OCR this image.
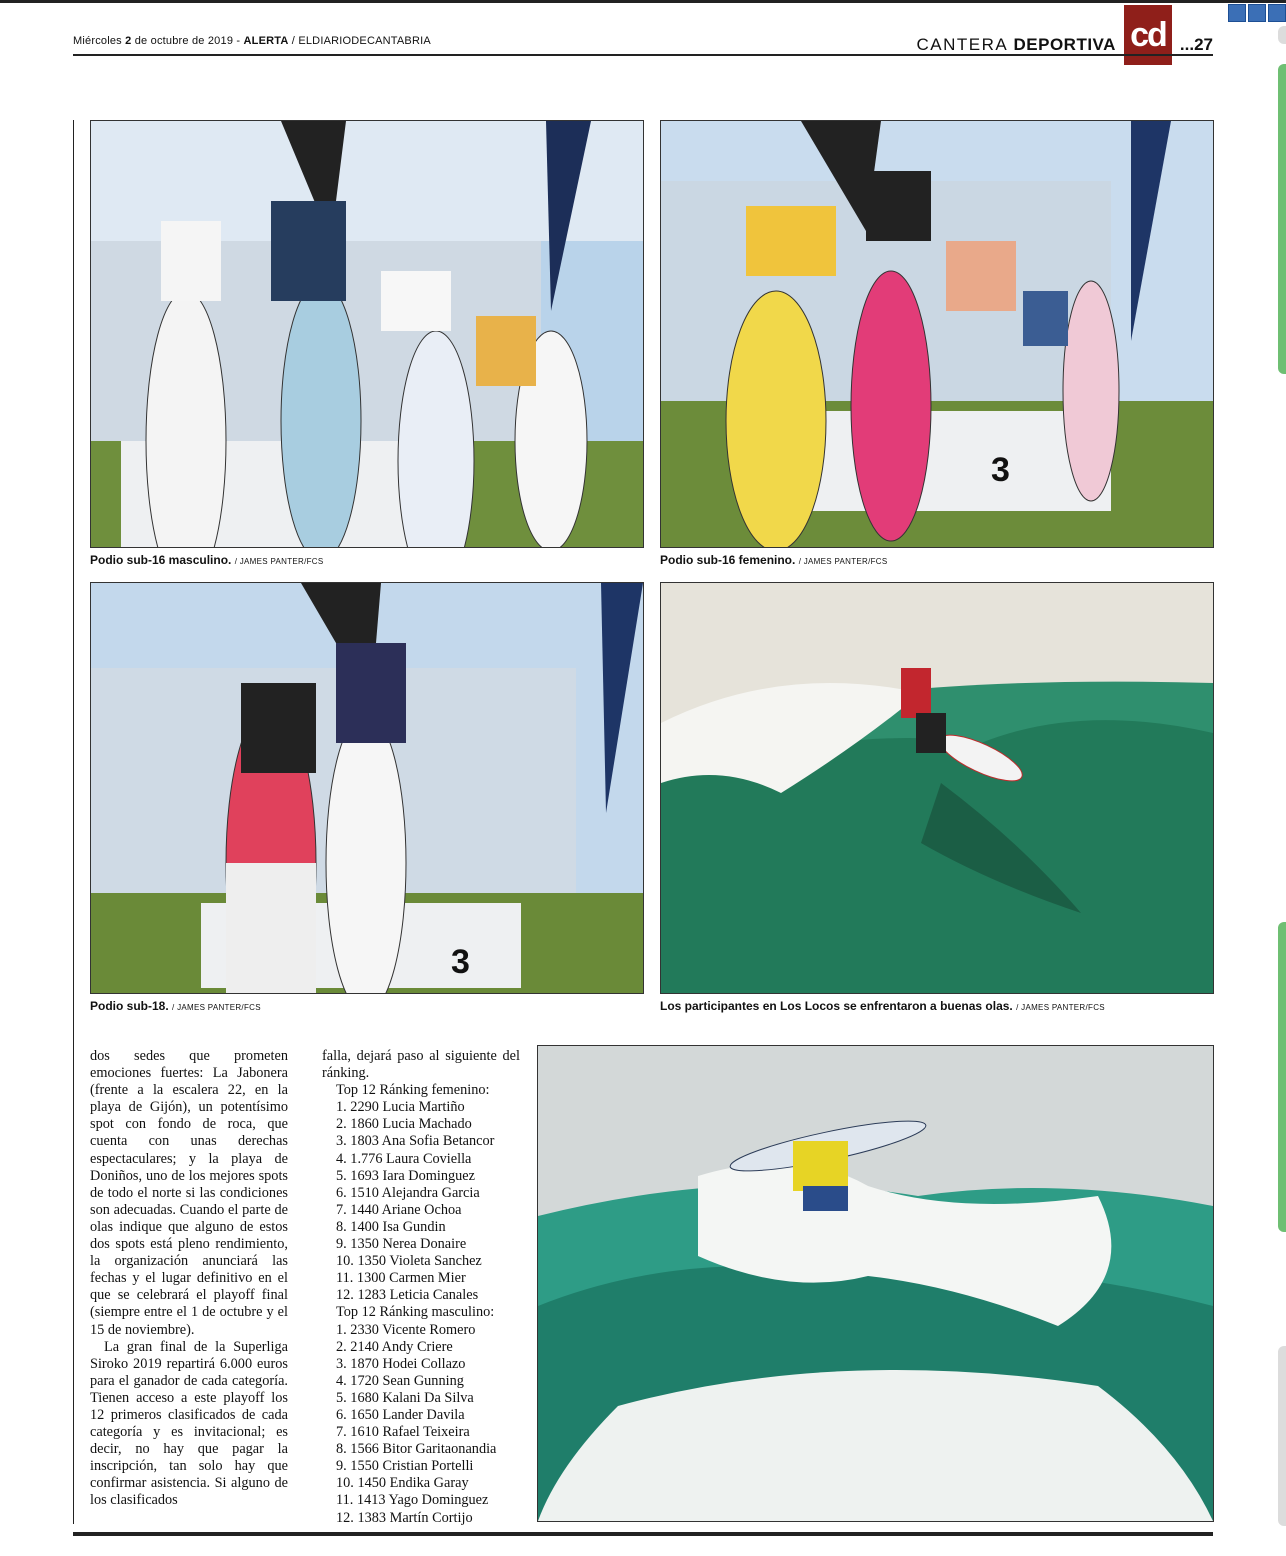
Miércoles 2 de octubre de 2019 - ALERTA / ELDIARIODECANTABRIA	CANTERA DEPORTIVA cd ...27
Podio sub-16 masculino. / JAMES PANTER/FCS
3
Podio sub-16 femenino. / JAMES PANTER/FCS
3
Podio sub-18. / JAMES PANTER/FCS	Los participantes en Los Locos se enfrentaron a buenas olas. / JAMES PANTER/FCS

dos sedes que prometen emociones fuertes: La Jabonera (frente a la escalera 22, en la playa de Gijón), un potentísimo spot con fondo de roca, que cuenta con unas derechas espectaculares; y la playa de Doniños, uno de los mejores spots de todo el norte si las condiciones son adecuadas. Cuando el parte de olas indique que alguno de estos dos spots está pleno rendimiento, la organización anunciará las fechas y el lugar definitivo en el que se celebrará el playoff final (siempre entre el 1 de octubre y el 15 de noviembre).

La gran final de la Superliga Siroko 2019 repartirá 6.000 euros para el ganador de cada categoría. Tienen acceso a este playoff los 12 primeros clasificados de cada categoría y es invitacional; es decir, no hay que pagar la inscripción, tan solo hay que confirmar asistencia. Si alguno de los clasificados

falla, dejará paso al siguiente del ránking.

Top 12 Ránking femenino:
1. 2290 Lucia Martiño
2. 1860 Lucia Machado
3. 1803 Ana Sofia Betancor
4. 1.776 Laura Coviella
5. 1693 Iara Dominguez
6. 1510 Alejandra Garcia
7. 1440 Ariane Ochoa
8. 1400 Isa Gundin
9. 1350 Nerea Donaire
10. 1350 Violeta Sanchez
11. 1300 Carmen Mier
12. 1283 Leticia Canales
Top 12 Ránking masculino:
1. 2330 Vicente Romero
2. 2140 Andy Criere
3. 1870 Hodei Collazo
4. 1720 Sean Gunning
5. 1680 Kalani Da Silva
6. 1650 Lander Davila
7. 1610 Rafael Teixeira
8. 1566 Bitor Garitaonandia
9. 1550 Cristian Portelli
10. 1450 Endika Garay
11. 1413 Yago Dominguez
12. 1383 Martín Cortijo
